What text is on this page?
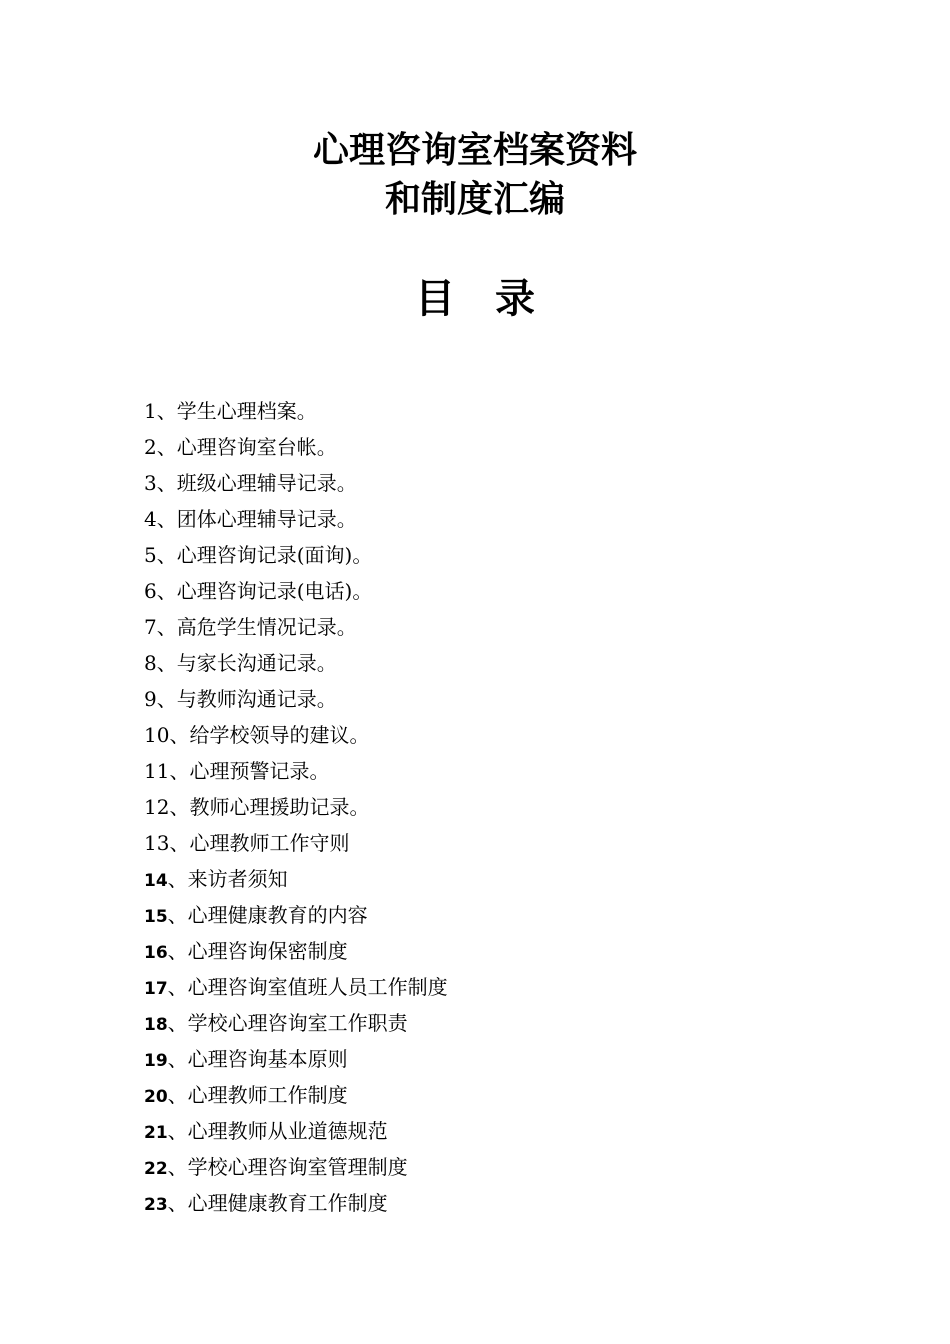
心理咨询室档案资料
和制度汇编
目录
1、学生心理档案。
2、心理咨询室台帐。
3、班级心理辅导记录。
4、团体心理辅导记录。
5、心理咨询记录(面询)。
6、心理咨询记录(电话)。
7、高危学生情况记录。
8、与家长沟通记录。
9、与教师沟通记录。
10、给学校领导的建议。
11、心理预警记录。
12、教师心理援助记录。
13、心理教师工作守则
14、来访者须知
15、心理健康教育的内容
16、心理咨询保密制度
17、心理咨询室值班人员工作制度
18、学校心理咨询室工作职责
19、心理咨询基本原则
20、心理教师工作制度
21、心理教师从业道德规范
22、学校心理咨询室管理制度
23、心理健康教育工作制度
